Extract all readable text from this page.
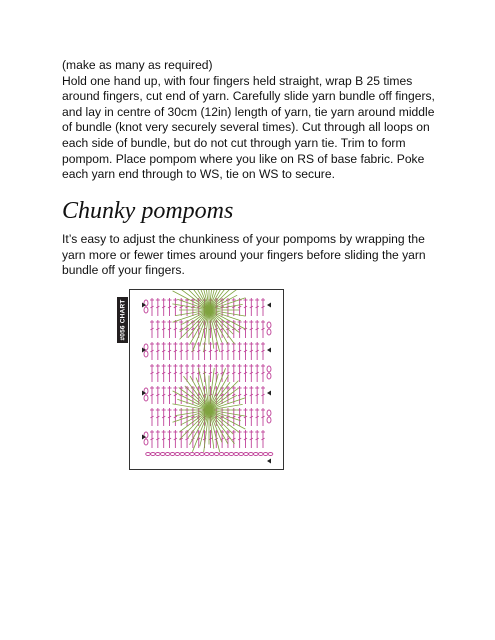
(make as many as required)

Hold one hand up, with four fingers held straight, wrap B 25 times around fingers, cut end of yarn. Carefully slide yarn bundle off fingers, and lay in centre of 30cm (12in) length of yarn, tie yarn around middle of bundle (knot very securely several times). Cut through all loops on each side of bundle, but do not cut through yarn tie. Trim to form pompom. Place pompom where you like on RS of base fabric. Poke each yarn end through to WS, tie on WS to secure.

Chunky pompoms

It’s easy to adjust the chunkiness of your pompoms by wrapping the yarn more or fewer times around your fingers before sliding the yarn bundle off your fingers.

#056 CHART
